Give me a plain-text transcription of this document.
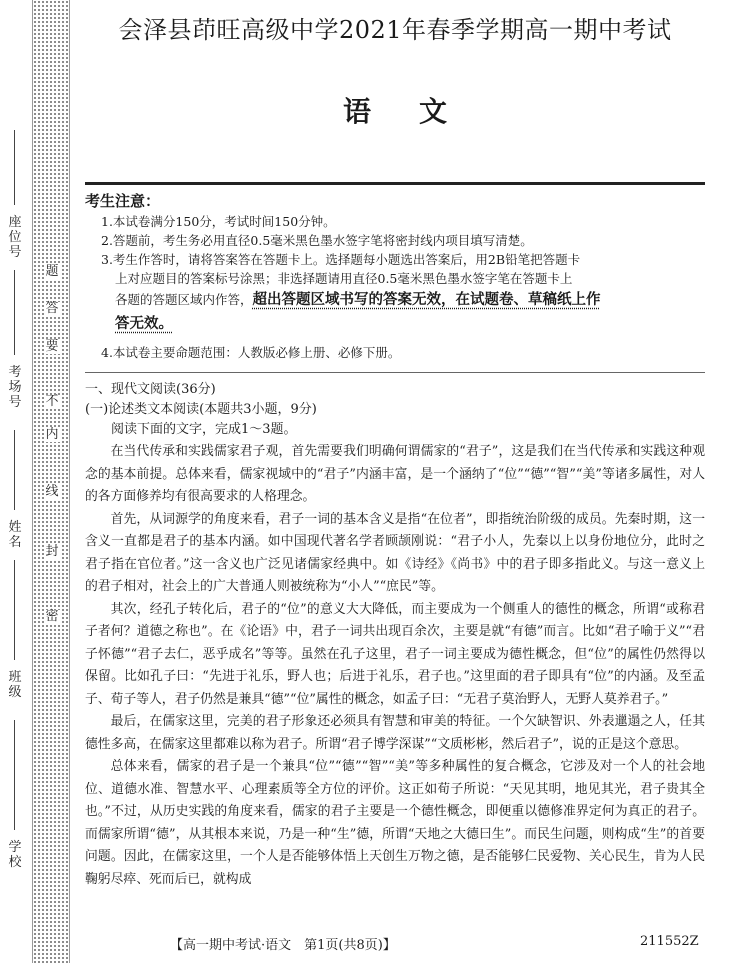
密
封
线
内
不
要
答
题
学校
班级
姓名
考场号
座位号
会泽县茚旺高级中学2021年春季学期高一期中考试
语文
考生注意：
1.本试卷满分150分，考试时间150分钟。
2.答题前，考生务必用直径0.5毫米黑色墨水签字笔将密封线内项目填写清楚。
3.考生作答时，请将答案答在答题卡上。选择题每小题选出答案后，用2B铅笔把答题卡
上对应题目的答案标号涂黑；非选择题请用直径0.5毫米黑色墨水签字笔在答题卡上
各题的答题区域内作答，超出答题区域书写的答案无效，在试题卷、草稿纸上作
答无效。
4.本试卷主要命题范围：人教版必修上册、必修下册。
一、现代文阅读(36分)
(一)论述类文本阅读(本题共3小题，9分)
阅读下面的文字，完成1～3题。

在当代传承和实践儒家君子观，首先需要我们明确何谓儒家的“君子”，这是我们在当代传承和实践这种观念的基本前提。总体来看，儒家视域中的“君子”内涵丰富，是一个涵纳了“位”“德”“智”“美”等诸多属性，对人的各方面修养均有很高要求的人格理念。

首先，从词源学的角度来看，君子一词的基本含义是指“在位者”，即指统治阶级的成员。先秦时期，这一含义一直都是君子的基本内涵。如中国现代著名学者顾颉刚说：“君子小人，先秦以上以身份地位分，此时之君子指在官位者。”这一含义也广泛见诸儒家经典中。如《诗经》《尚书》中的君子即多指此义。与这一意义上的君子相对，社会上的广大普通人则被统称为“小人”“庶民”等。

其次，经孔子转化后，君子的“位”的意义大大降低，而主要成为一个侧重人的德性的概念，所谓“或称君子者何？道德之称也”。在《论语》中，君子一词共出现百余次，主要是就“有德”而言。比如“君子喻于义”“君子怀德”“君子去仁，恶乎成名”等等。虽然在孔子这里，君子一词主要成为德性概念，但“位”的属性仍然得以保留。比如孔子曰：“先进于礼乐，野人也；后进于礼乐，君子也。”这里面的君子即具有“位”的内涵。及至孟子、荀子等人，君子仍然是兼具“德”“位”属性的概念，如孟子曰：“无君子莫治野人，无野人莫养君子。”

最后，在儒家这里，完美的君子形象还必须具有智慧和审美的特征。一个欠缺智识、外表邋遢之人，任其德性多高，在儒家这里都难以称为君子。所谓“君子博学深谋”“文质彬彬，然后君子”，说的正是这个意思。

总体来看，儒家的君子是一个兼具“位”“德”“智”“美”等多种属性的复合概念，它涉及对一个人的社会地位、道德水准、智慧水平、心理素质等全方位的评价。这正如荀子所说：“天见其明，地见其光，君子贵其全也。”不过，从历史实践的角度来看，儒家的君子主要是一个德性概念，即便重以德修准界定何为真正的君子。而儒家所谓“德”，从其根本来说，乃是一种“生”德，所谓“天地之大德曰生”。而民生问题，则构成“生”的首要问题。因此，在儒家这里，一个人是否能够体悟上天创生万物之德，是否能够仁民爱物、关心民生，肯为人民鞠躬尽瘁、死而后已，就构成

【高一期中考试·语文　第1页(共8页)】	211552Z
